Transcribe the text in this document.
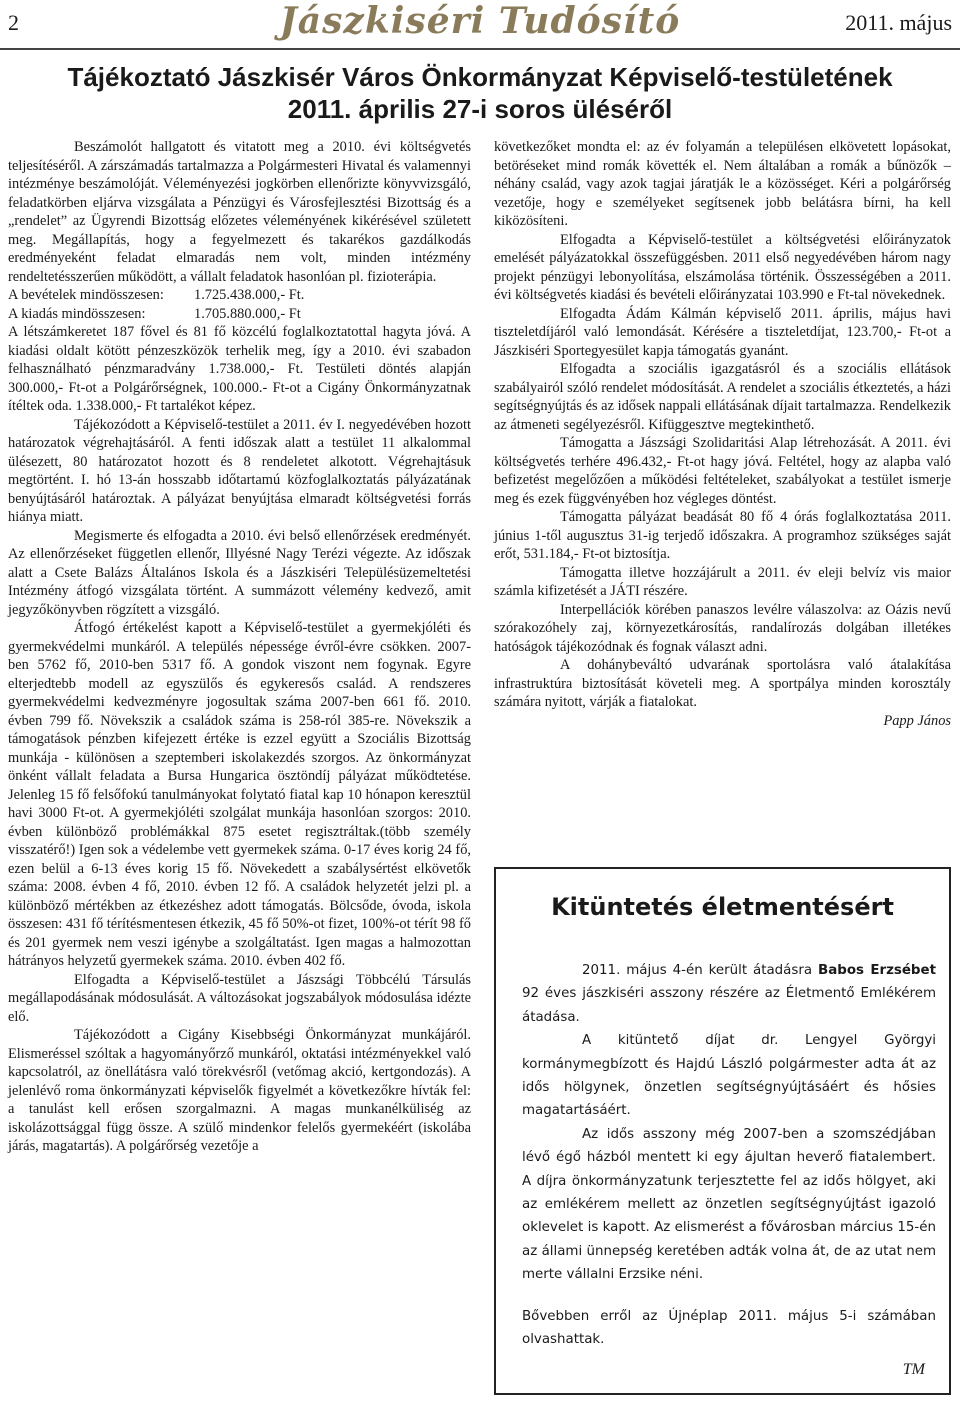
2	Jászkiséri Tudósító	2011. május
Tájékoztató Jászkisér Város Önkormányzat Képviselő-testületének
2011. április 27-i soros üléséről

Beszámolót hallgatott és vitatott meg a 2010. évi költségvetés teljesítéséről. A zárszámadás tartalmazza a Polgármesteri Hivatal és valamennyi intézménye beszámolóját. Véleményezési jogkörben ellenőrizte könyvvizsgáló, feladatkörben eljárva vizsgálata a Pénzügyi és Városfejlesztési Bizottság és a „rendelet” az Ügyrendi Bizottság előzetes véleményének kikérésével született meg. Megállapítás, hogy a fegyelmezett és takarékos gazdálkodás eredményeként feladat elmaradás nem volt, minden intézmény rendeltetésszerűen működött, a vállalt feladatok hasonlóan pl. fizioterápia.

A bevételek mindösszesen: 1.725.438.000,- Ft.

A kiadás mindösszesen:	1.705.880.000,- Ft

A létszámkeretet 187 fővel és 81 fő közcélú foglalkoztatottal hagyta jóvá. A kiadási oldalt kötött pénzeszközök terhelik meg, így a 2010. évi szabadon felhasználható pénzmaradvány 1.738.000,- Ft. Testületi döntés alapján 300.000,- Ft-ot a Polgárőrségnek, 100.000.- Ft-ot a Cigány Önkormányzatnak ítéltek oda. 1.338.000,- Ft tartalékot képez.

Tájékozódott a Képviselő-testület a 2011. év I. negyedévében hozott határozatok végrehajtásáról. A fenti időszak alatt a testület 11 alkalommal ülésezett, 80 határozatot hozott és 8 rendeletet alkotott. Végrehajtásuk megtörtént. I. hó 13-án hosszabb időtartamú közfoglalkoztatás pályázatának benyújtásáról határoztak. A pályázat benyújtása elmaradt költségvetési forrás hiánya miatt.

Megismerte és elfogadta a 2010. évi belső ellenőrzések eredményét. Az ellenőrzéseket független ellenőr, Illyésné Nagy Terézi végezte. Az időszak alatt a Csete Balázs Általános Iskola és a Jászkiséri Településüzemeltetési Intézmény átfogó vizsgálata történt. A summázott vélemény kedvező, amit jegyzőkönyvben rögzített a vizsgáló.

Átfogó értékelést kapott a Képviselő-testület a gyermekjóléti és gyermekvédelmi munkáról. A település népessége évről-évre csökken. 2007-ben 5762 fő, 2010-ben 5317 fő. A gondok viszont nem fogynak. Egyre elterjedtebb modell az egyszülős és egykeresős család. A rendszeres gyermekvédelmi kedvezményre jogosultak száma 2007-ben 661 fő. 2010. évben 799 fő. Növekszik a családok száma is 258-ról 385-re. Növekszik a támogatások pénzben kifejezett értéke is ezzel együtt a Szociális Bizottság munkája - különösen a szeptemberi iskolakezdés szorgos. Az önkormányzat önként vállalt feladata a Bursa Hungarica ösztöndíj pályázat működtetése. Jelenleg 15 fő felsőfokú tanulmányokat folytató fiatal kap 10 hónapon keresztül havi 3000 Ft-ot. A gyermekjóléti szolgálat munkája hasonlóan szorgos: 2010. évben különböző problémákkal 875 esetet regisztráltak.(több személy visszatérő!) Igen sok a védelembe vett gyermekek száma. 0-17 éves korig 24 fő, ezen belül a 6-13 éves korig 15 fő. Növekedett a szabálysértést elkövetők száma: 2008. évben 4 fő, 2010. évben 12 fő. A családok helyzetét jelzi pl. a különböző mértékben az étkezéshez adott támogatás. Bölcsőde, óvoda, iskola összesen: 431 fő térítésmentesen étkezik, 45 fő 50%-ot fizet, 100%-ot térít 98 fő és 201 gyermek nem veszi igénybe a szolgáltatást. Igen magas a halmozottan hátrányos helyzetű gyermekek száma. 2010. évben 402 fő.

Elfogadta a Képviselő-testület a Jászsági Többcélú Társulás megállapodásának módosulását. A változásokat jogszabályok módosulása idézte elő.

Tájékozódott a Cigány Kisebbségi Önkormányzat munkájáról. Elismeréssel szóltak a hagyományőrző munkáról, oktatási intézményekkel való kapcsolatról, az önellátásra való törekvésről (vetőmag akció, kertgondozás). A jelenlévő roma önkormányzati képviselők figyelmét a következőkre hívták fel: a tanulást kell erősen szorgalmazni. A magas munkanélküliség az iskolázottsággal függ össze. A szülő mindenkor felelős gyermekéért (iskolába járás, magatartás). A polgárőrség vezetője a

következőket mondta el: az év folyamán a településen elkövetett lopásokat, betöréseket mind romák követték el. Nem általában a romák a bűnözők – néhány család, vagy azok tagjai járatják le a közösséget. Kéri a polgárőrség vezetője, hogy e személyeket segítsenek jobb belátásra bírni, ha kell kiközösíteni.

Elfogadta a Képviselő-testület a költségvetési előirányzatok emelését pályázatokkal összefüggésben. 2011 első negyedévében három nagy projekt pénzügyi lebonyolítása, elszámolása történik. Összességében a 2011. évi költségvetés kiadási és bevételi előirányzatai 103.990 e Ft-tal növekednek.

Elfogadta Ádám Kálmán képviselő 2011. április, május havi tiszteletdíjáról való lemondását. Kérésére a tiszteletdíjat, 123.700,- Ft-ot a Jászkiséri Sportegyesület kapja támogatás gyanánt.

Elfogadta a szociális igazgatásról és a szociális ellátások szabályairól szóló rendelet módosítását. A rendelet a szociális étkeztetés, a házi segítségnyújtás és az idősek nappali ellátásának díjait tartalmazza. Rendelkezik az átmeneti segélyezésről. Kifüggesztve megtekinthető.

Támogatta a Jászsági Szolidaritási Alap létrehozását. A 2011. évi költségvetés terhére 496.432,- Ft-ot hagy jóvá. Feltétel, hogy az alapba való befizetést megelőzően a működési feltételeket, szabályokat a testület ismerje meg és ezek függvényében hoz végleges döntést.

Támogatta pályázat beadását 80 fő 4 órás foglalkoztatása 2011. június 1-től augusztus 31-ig terjedő időszakra. A programhoz szükséges saját erőt, 531.184,- Ft-ot biztosítja.

Támogatta illetve hozzájárult a 2011. év eleji belvíz vis maior számla kifizetését a JÁTI részére.

Interpellációk körében panaszos levélre válaszolva: az Oázis nevű szórakozóhely zaj, környezetkárosítás, randalírozás dolgában illetékes hatóságok tájékozódnak és fognak választ adni.

A dohánybeváltó udvarának sportolásra való átalakítása infrastruktúra biztosítását követeli meg. A sportpálya minden korosztály számára nyitott, várják a fiatalokat.

Papp János

Kitüntetés életmentésért

2011. május 4-én került átadásra Babos Erzsébet 92 éves jászkiséri asszony részére az Életmentő Emlékérem átadása.

A kitüntető díjat dr. Lengyel Györgyi kormánymegbízott és Hajdú László polgármester adta át az idős hölgynek, önzetlen segítségnyújtásáért és hősies magatartásáért.

Az idős asszony még 2007-ben a szomszédjában lévő égő házból mentett ki egy ájultan heverő fiatalembert. A díjra önkormányzatunk terjesztette fel az idős hölgyet, aki az emlékérem mellett az önzetlen segítségnyújtást igazoló oklevelet is kapott. Az elismerést a fővárosban március 15-én az állami ünnepség keretében adták volna át, de az utat nem merte vállalni Erzsike néni.

Bővebben erről az Újnéplap 2011. május 5-i számában olvashattak.

TM
